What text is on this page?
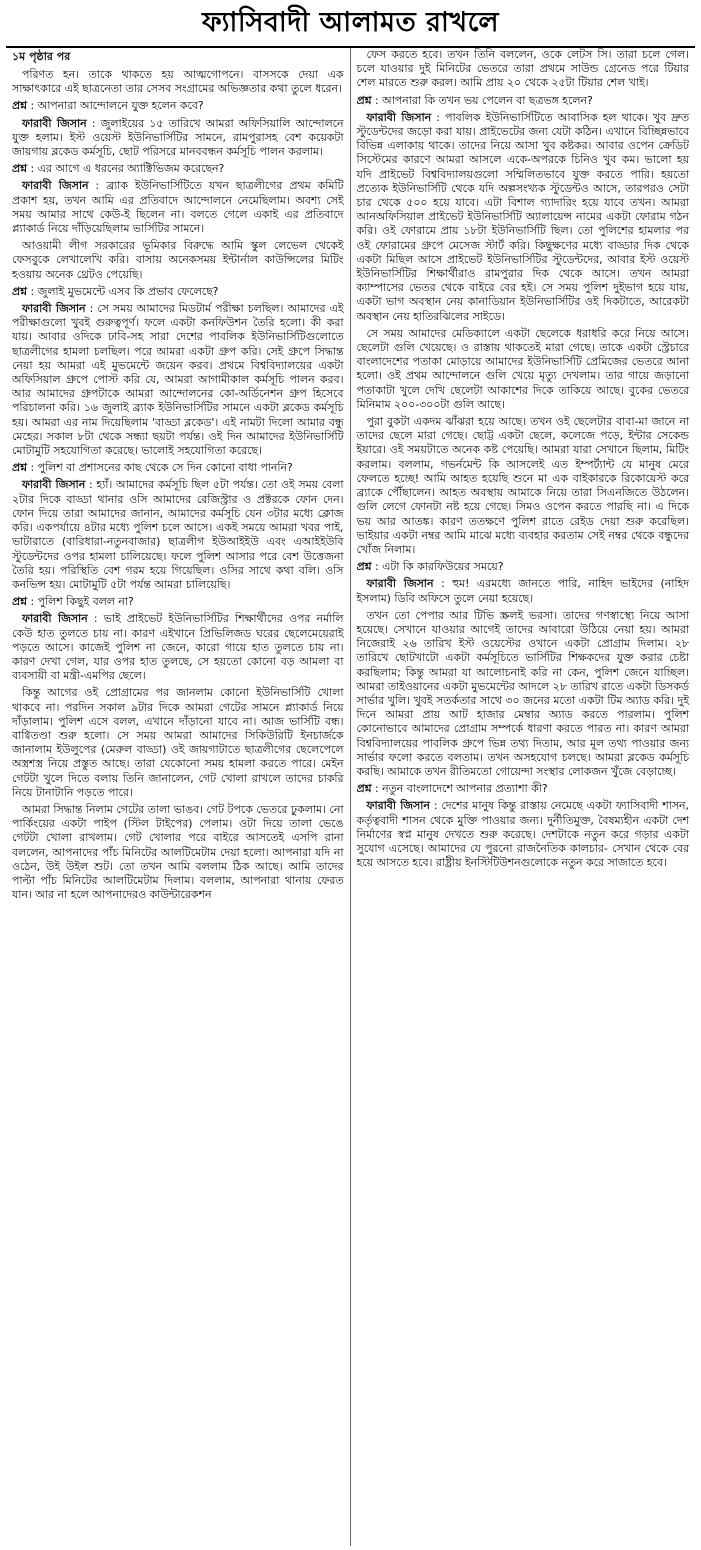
ফ্যাসিবাদী আলামত রাখলে
১ম পৃষ্ঠার পর

পরিণত হন। তাকে থাকতে হয় আত্মগোপনে। বাসসকে দেয়া এক সাক্ষাৎকারে এই ছাত্রনেতা তার সেসব সংগ্রামের অভিজ্ঞতার কথা তুলে ধরেন।

প্রশ্ন : আপনারা আন্দোলনে যুক্ত হলেন কবে?

ফারাবী জিসান : জুলাইয়ের ১৫ তারিখে আমরা অফিসিয়ালি আন্দোলনে যুক্ত হলাম। ইস্ট ওয়েস্ট ইউনিভার্সিটির সামনে, রামপুরাসহ বেশ কয়েকটা জায়গায় ব্লকেড কর্মসূচি, ছোট পরিসরে মানববন্ধন কর্মসূচি পালন করলাম।

প্রশ্ন : এর আগে এ ধরনের অ্যাক্টিভিজম করেছেন?

ফারাবী জিসান : ব্র্যাক ইউনিভার্সিটিতে যখন ছাত্রলীগের প্রথম কমিটি প্রকাশ হয়, তখন আমি এর প্রতিবাদে আন্দোলনে নেমেছিলাম। অবশ্য সেই সময় আমার সাথে কেউ-ই ছিলেন না। বলতে গেলে একাই এর প্রতিবাদে প্ল্যাকার্ড নিয়ে দাঁড়িয়েছিলাম ভার্সিটির সামনে।

আওয়ামী লীগ সরকারের ভূমিকার বিরুদ্ধে আমি স্কুল লেভেল থেকেই ফেসবুকে লেখালেখি করি। বাসায় অনেকসময় ইন্টার্নাল কাউন্সিলের মিটিং হওয়ায় অনেক থ্রেটও পেয়েছি।

প্রশ্ন : জুলাই মুভমেন্টে এসব কি প্রভাব ফেলেছে?

ফারাবী জিসান : সে সময় আমাদের মিডটার্ম পরীক্ষা চলছিল। আমাদের এই পরীক্ষাগুলো খুবই গুরুত্বপূর্ণ। ফলে একটা কনফিউশন তৈরি হলো। কী করা যায়। আবার ওদিকে ঢাবি-সহ সারা দেশের পাবলিক ইউনিভার্সিটিগুলোতে ছাত্রলীগের হামলা চলছিল। পরে আমরা একটা গ্রুপ করি। সেই গ্রুপে সিদ্ধান্ত নেয়া হয় আমরা এই মুভমেন্টে জয়েন করব। প্রথমে বিশ্ববিদ্যালয়ের একটা অফিসিয়াল গ্রুপে পোস্ট করি যে, আমরা আগামীকাল কর্মসূচি পালন করব। আর আমাদের গ্রুপটাকে আমরা আন্দোলনের কো-অর্ডিনেশন গ্রুপ হিসেবে পরিচালনা করি। ১৬ জুলাই ব্র্যাক ইউনিভার্সিটির সামনে একটা ব্লকেড কর্মসূচি হয়। আমরা এর নাম দিয়েছিলাম 'বাড্ডা ব্লকেড'। এই নামটা দিলো আমার বন্ধু মেহের। সকাল ৮টা থেকে সন্ধ্যা ছয়টা পর্যন্ত। ওই দিন আমাদের ইউনিভার্সিটি মোটামুটি সহযোগিতা করেছে। ভালোই সহযোগিতা করেছে।

প্রশ্ন : পুলিশ বা প্রশাসনের কাছ থেকে সে দিন কোনো বাধা পাননি?

ফারাবী জিসান : হ্যাঁ। আমাদের কর্মসূচি ছিল ৫টা পর্যন্ত। তো ওই সময় বেলা ২টার দিকে বাড্ডা থানার ওসি আমাদের রেজিস্ট্রার ও প্রক্টরকে ফোন দেন। ফোন দিয়ে তারা আমাদের জানান, আমাদের কর্মসূচি যেন ৩টার মধ্যে ক্লোজ করি। একপর্যায়ে ৪টার মধ্যে পুলিশ চলে আসে। একই সময়ে আমরা খবর পাই, ভাটারাতে (বারিধারা-নতুনবাজার) ছাত্রলীগ ইউআইইউ এবং এআইইউবি স্টুডেন্টদের ওপর হামলা চালিয়েছে। ফলে পুলিশ আসার পরে বেশ উত্তেজনা তৈরি হয়। পরিস্থিতি বেশ গরম হয়ে গিয়েছিল। ওসির সাথে কথা বলি। ওসি কনভিন্স হয়। মোটামুটি ৫টা পর্যন্ত আমরা চালিয়েছি।

প্রশ্ন : পুলিশ কিছুই বলল না?

ফারাবী জিসান : ভাই প্রাইভেট ইউনিভার্সিটির শিক্ষার্থীদের ওপর নর্মালি কেউ হাত তুলতে চায় না। কারণ এইখানে প্রিভিলিজড ঘরের ছেলেমেয়েরাই পড়তে আসে। কাজেই পুলিশ না জেনে, কারো গায়ে হাত তুলতে চায় না। কারণ দেখা গেল, যার ওপর হাত তুলছে, সে হয়তো কোনো বড় আমলা বা ব্যবসায়ী বা মন্ত্রী-এমপির ছেলে।

কিন্তু আগের ওই প্রোগ্রামের পর জানলাম কোনো ইউনিভার্সিটি খোলা থাকবে না। পরদিন সকাল ৯টার দিকে আমরা গেটের সামনে প্ল্যাকার্ড নিয়ে দাঁড়ালাম। পুলিশ এসে বলল, এখানে দাঁড়ানো যাবে না। আজ ভার্সিটি বন্ধ। বাগ্বিতণ্ডা শুরু হলো। সে সময় আমরা আমাদের সিকিউরিটি ইনচার্জকে জানালাম ইউলুপের (মেরুল বাড্ডা) ওই জায়গাটাতে ছাত্রলীগের ছেলেপেলে অস্ত্রশস্ত্র নিয়ে প্রস্তুত আছে। তারা যেকোনো সময় হামলা করতে পারে। মেইন গেটটা খুলে দিতে বলায় তিনি জানালেন, গেট খোলা রাখলে তাদের চাকরি নিয়ে টানাটানি পড়তে পারে।

আমরা সিদ্ধান্ত নিলাম গেটের তালা ভাঙব। গেট টপকে ভেতরে ঢুকলাম। নো পার্কিংয়ের একটা পাইপ (স্টিল টাইপের) পেলাম। ওটা দিয়ে তালা ভেঙে গেটটা খোলা রাখলাম। গেট খোলার পরে বাইরে আসতেই এসপি রানা বললেন, আপনাদের পাঁচ মিনিটের আলটিমেটাম দেয়া হলো। আপনারা যদি না ওঠেন, উই উইল শুট। তো তখন আমি বললাম ঠিক আছে। আমি তাদের পাল্টা পাঁচ মিনিটের আলটিমেটাম দিলাম। বললাম, আপনারা থানায় ফেরত যান। আর না হলে আপনাদেরও কাউন্টারেকশন

ফেস করতে হবে। তখন তিনি বললেন, ওকে লেটস সি। তারা চলে গেল। চলে যাওয়ার দুই মিনিটের ভেতরে তারা প্রথমে সাউন্ড গ্রেনেড পরে টিয়ার শেল মারতে শুরু করল। আমি প্রায় ২০ থেকে ২৫টা টিয়ার শেল খাই।

প্রশ্ন : আপনারা কি তখন ভয় পেলেন বা ছত্রভঙ্গ হলেন?

ফারাবী জিসান : পাবলিক ইউনিভার্সিটিতে আবাসিক হল থাকে। খুব দ্রুত স্টুডেন্টদের জড়ো করা যায়। প্রাইভেটের জন্য যেটা কঠিন। এখানে বিচ্ছিন্নভাবে বিভিন্ন এলাকায় থাকে। তাদের নিয়ে আসা খুব কষ্টকর। আবার ওপেন ক্রেডিট সিস্টেমের কারণে আমরা আসলে একে-অপরকে চিনিও খুব কম। ভালো হয় যদি প্রাইভেট বিশ্ববিদ্যালয়গুলো সম্মিলিতভাবে যুক্ত করতে পারি। হয়তো প্রত্যেক ইউনিভার্সিটি থেকে যদি অল্পসংখ্যক স্টুডেন্টও আসে, তারপরও সেটা চার থেকে ৫০০ হয়ে যাবে। এটা বিশাল গ্যাদারিং হয়ে যাবে তখন। আমরা আনঅফিসিয়াল প্রাইভেট ইউনিভার্সিটি অ্যালায়েন্স নামের একটা ফোরাম গঠন করি। ওই ফোরামে প্রায় ১৮টা ইউনিভার্সিটি ছিল। তো পুলিশের হামলার পর ওই ফোরামের গ্রুপে মেসেজ স্টার্ট করি। কিছুক্ষণের মধ্যে বাড্ডার দিক থেকে একটা মিছিল আসে প্রাইভেট ইউনিভার্সিটির স্টুডেন্টদের, আবার ইস্ট ওয়েস্ট ইউনিভার্সিটির শিক্ষার্থীরাও রামপুরার দিক থেকে আসে। তখন আমরা ক্যাম্পাসের ভেতর থেকে বাইরে বের হই। সে সময় পুলিশ দুইভাগ হয়ে যায়, একটা ভাগ অবস্থান নেয় কানাডিয়ান ইউনিভার্সিটির ওই দিকটাতে, আরেকটা অবস্থান নেয় হাতিরঝিলের সাইডে।

সে সময় আমাদের মেডিক্যালে একটা ছেলেকে ধরাধরি করে নিয়ে আসে। ছেলেটা গুলি খেয়েছে। ও রাস্তায় থাকতেই মারা গেছে। তাকে একটা স্ট্রেচারে বাংলাদেশের পতাকা মোড়ায়ে আমাদের ইউনিভার্সিটি প্রেমিজের ভেতরে আনা হলো। ওই প্রথম আন্দোলনে গুলি খেয়ে মৃত্যু দেখলাম। তার গায়ে জড়ানো পতাকাটা খুলে দেখি ছেলেটা আকাশের দিকে তাকিয়ে আছে। বুকের ভেতরে মিনিমাম ২০০-৩০০টা গুলি আছে।

পুরা বুকটা একদম ঝাঁঝরা হয়ে আছে। তখন ওই ছেলেটার বাবা-মা জানে না তাদের ছেলে মারা গেছে। ছোট্ট একটা ছেলে, কলেজে পড়ে, ইন্টার সেকেন্ড ইয়ারে। ওই সময়টাতে অনেক কষ্ট পেয়েছি। আমরা যারা সেখানে ছিলাম, মিটিং করলাম। বললাম, গভর্নমেন্ট কি আসলেই এত ইম্পর্ট্যান্ট যে মানুষ মেরে ফেলতে হচ্ছে! আমি আহত হয়েছি শুনে মা এক বাইকারকে রিকোয়েস্ট করে ব্র্যাকে পৌঁছালেন। আহত অবস্থায় আমাকে নিয়ে তারা সিএনজিতে উঠলেন। গুলি লেগে ফোনটা নষ্ট হয়ে গেছে। সিমও ওপেন করতে পারছি না। এ দিকে ভয় আর আতঙ্ক। কারণ ততক্ষণে পুলিশ রাতে রেইড দেয়া শুরু করেছিল। ভাইয়ার একটা নম্বর আমি মাঝে মধ্যে ব্যবহার করতাম সেই নম্বর থেকে বন্ধুদের খোঁজ নিলাম।

প্রশ্ন : এটা কি কারফিউয়ের সময়ে?

ফারাবী জিসান : হুম! এরমধ্যে জানতে পারি, নাহিদ ভাইদের (নাহিদ ইসলাম) ডিবি অফিসে তুলে নেয়া হয়েছে।

তখন তো পেপার আর টিভি স্ক্রলই ভরসা। তাদের গণস্বাস্থ্যে নিয়ে আসা হয়েছে। সেখানে যাওয়ার আগেই তাদের আবারো উঠিয়ে নেয়া হয়। আমরা নিজেরাই ২৬ তারিখ ইস্ট ওয়েস্টের ওখানে একটা প্রোগ্রাম দিলাম। ২৮ তারিখে ছোটখাটো একটা কর্মসূচিতে ভার্সিটির শিক্ষকদের যুক্ত করার চেষ্টা করছিলাম; কিন্তু আমরা যা আলোচনাই করি না কেন, পুলিশ জেনে যাচ্ছিল। আমরা তাইওয়ানের একটা মুভমেন্টের আদলে ২৮ তারিখ রাতে একটা ডিসকর্ড সার্ভার খুলি। খুবই সতর্কতার সাথে ৩০ জনের মতো একটা টিম অ্যাড করি। দুই দিনে আমরা প্রায় আট হাজার মেম্বার অ্যাড করতে পারলাম। পুলিশ কোনোভাবে আমাদের প্রোগ্রাম সম্পর্কে ধারণা করতে পারত না। কারণ আমরা বিশ্ববিদ্যালয়ের পাবলিক গ্রুপে ভিন্ন তথ্য দিতাম, আর মূল তথ্য পাওয়ার জন্য সার্ভার ফলো করতে বলতাম। তখন অসহযোগ চলছে। আমরা ব্লকেড কর্মসূচি করছি। আমাকে তখন রীতিমতো গোয়েন্দা সংস্থার লোকজন খুঁজে বেড়াচ্ছে।

প্রশ্ন : নতুন বাংলাদেশে আপনার প্রত্যাশা কী?

ফারাবী জিসান : দেশের মানুষ কিন্তু রাস্তায় নেমেছে একটা ফ্যাসিবাদী শাসন, কর্তৃত্ববাদী শাসন থেকে মুক্তি পাওয়ার জন্য। দুর্নীতিমুক্ত, বৈষম্যহীন একটা দেশ নির্মাণের স্বপ্ন মানুষ দেখতে শুরু করেছে। দেশটাকে নতুন করে গড়ার একটা সুযোগ এসেছে। আমাদের যে পুরনো রাজনৈতিক কালচার- সেখান থেকে বের হয়ে আসতে হবে। রাষ্ট্রীয় ইনস্টিটিউশনগুলোকে নতুন করে সাজাতে হবে।
